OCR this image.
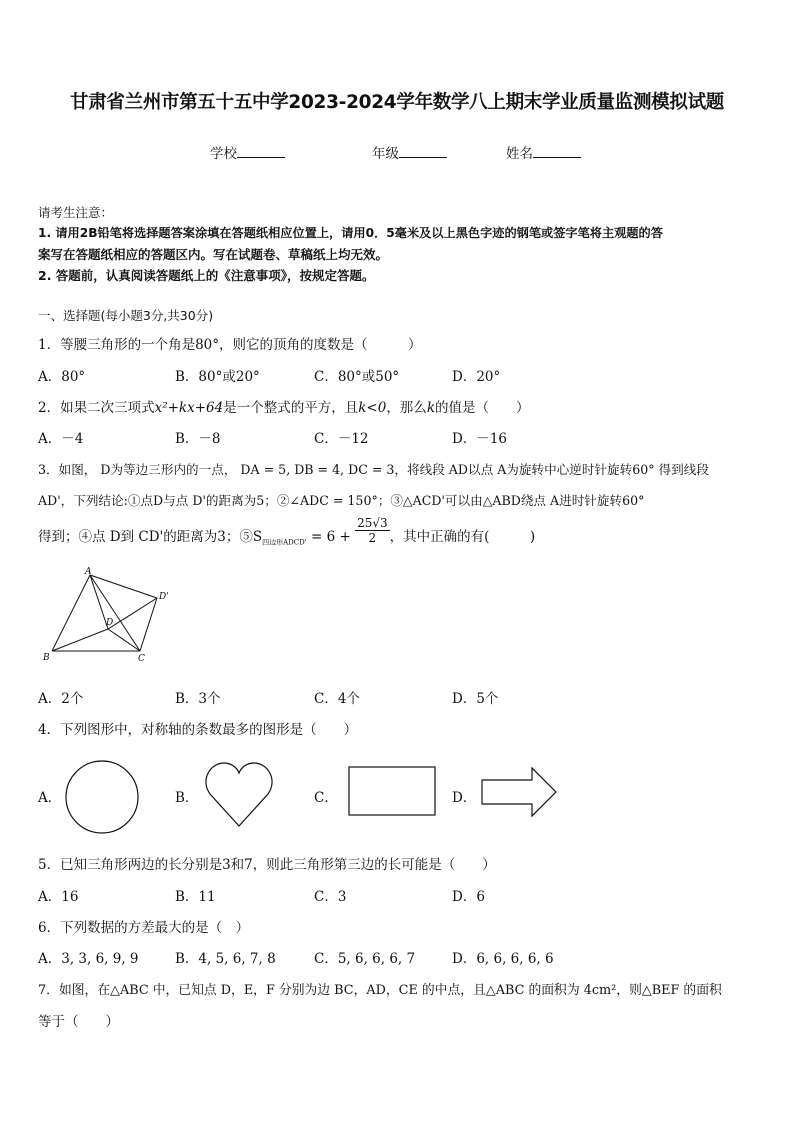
甘肃省兰州市第五十五中学2023-2024学年数学八上期末学业质量监测模拟试题
学校	年级	姓名
请考生注意：
1. 请用2B铅笔将选择题答案涂填在答题纸相应位置上，请用0．5毫米及以上黑色字迹的钢笔或签字笔将主观题的答
案写在答题纸相应的答题区内。写在试题卷、草稿纸上均无效。
2. 答题前，认真阅读答题纸上的《注意事项》，按规定答题。
一、选择题(每小题3分,共30分)
1．等腰三角形的一个角是80°，则它的顶角的度数是（　　　）
A．80°	B．80°或20°	C．80°或50°	D．20°
2．如果二次三项式x²+kx+64是一个整式的平方，且k<0，那么k的值是（　　）
A．－4	B．－8	C．－12	D．－16
3．如图， D为等边三形内的一点， DA = 5, DB = 4, DC = 3，将线段 AD以点 A为旋转中心逆时针旋转60° 得到线段
AD'，下列结论:①点D与点 D'的距离为5；②∠ADC = 150°；③△ACD'可以由△ABD绕点 A进时针旋转60°
得到；④点 D到 CD'的距离为3；$⑤S_{四边形ADCD'} = 6 + \frac{25√3}{2}$ ，其中正确的有(　　　)
A
B	C
D
D'
A．2个	B．3个	C．4个	D．5个
4．下列图形中，对称轴的条数最多的图形是（　　）
A．	B．	C．	D．
5．已知三角形两边的长分别是3和7，则此三角形第三边的长可能是（　　）
A．16	B．11	C．3	D．6
6．下列数据的方差最大的是（　）
A．3, 3, 6, 9, 9	B．4, 5, 6, 7, 8	C．5, 6, 6, 6, 7	D．6, 6, 6, 6, 6
7．如图，在△ABC 中，已知点 D，E，F 分别为边 BC，AD，CE 的中点，且△ABC 的面积为 4cm²，则△BEF 的面积
等于（　　）
